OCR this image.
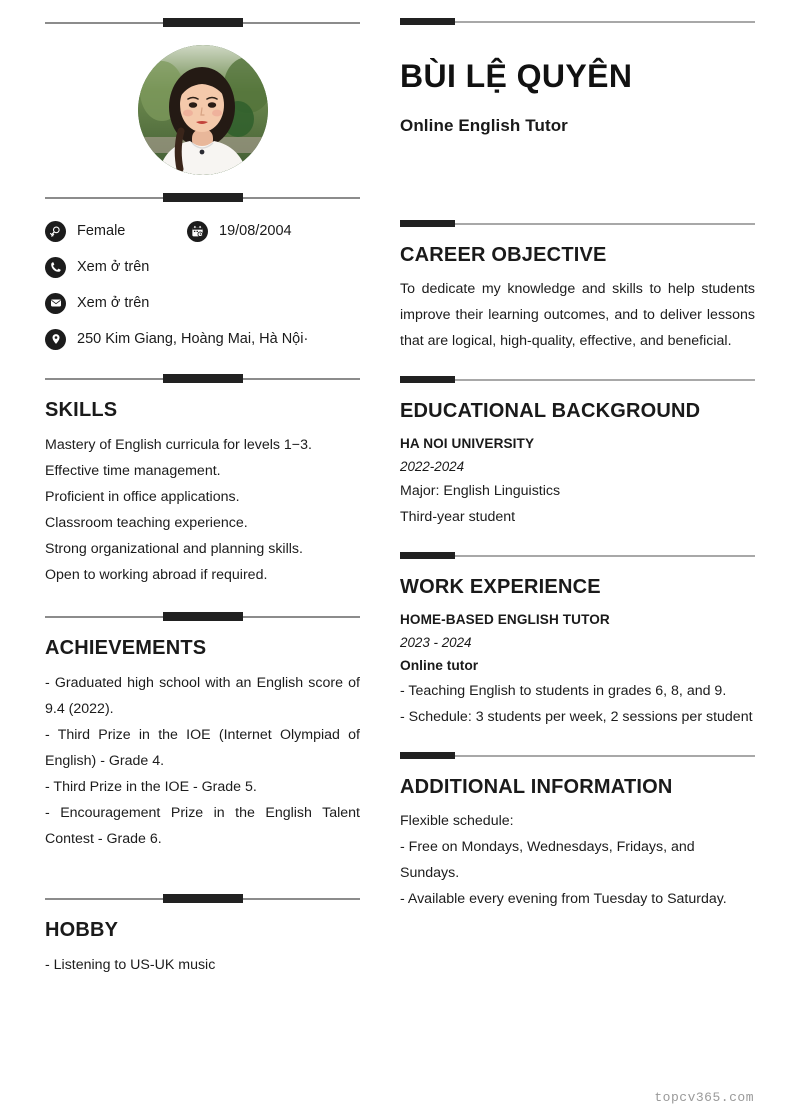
Female	19/08/2004
Xem ở trên
Xem ở trên
250 Kim Giang, Hoàng Mai, Hà Nội·
SKILLS
Mastery of English curricula for levels 1−3.
Effective time management.
Proficient in office applications.
Classroom teaching experience.
Strong organizational and planning skills.
Open to working abroad if required.
ACHIEVEMENTS
- Graduated high school with an English score of 9.4 (2022).
- Third Prize in the IOE (Internet Olympiad of English) - Grade 4.
- Third Prize in the IOE - Grade 5.
- Encouragement Prize in the English Talent Contest - Grade 6.
HOBBY
- Listening to US-UK music
BÙI LỆ QUYÊN
Online English Tutor
CAREER OBJECTIVE
To dedicate my knowledge and skills to help students improve their learning outcomes, and to deliver lessons that are logical, high-quality, effective, and beneficial.
EDUCATIONAL BACKGROUND
HA NOI UNIVERSITY
2022-2024
Major: English Linguistics
Third-year student
WORK EXPERIENCE
HOME-BASED ENGLISH TUTOR
2023 - 2024
Online tutor
- Teaching English to students in grades 6, 8, and 9.
- Schedule: 3 students per week, 2 sessions per student
ADDITIONAL INFORMATION
Flexible schedule:
- Free on Mondays, Wednesdays, Fridays, and Sundays.
- Available every evening from Tuesday to Saturday.
topcv365.com
